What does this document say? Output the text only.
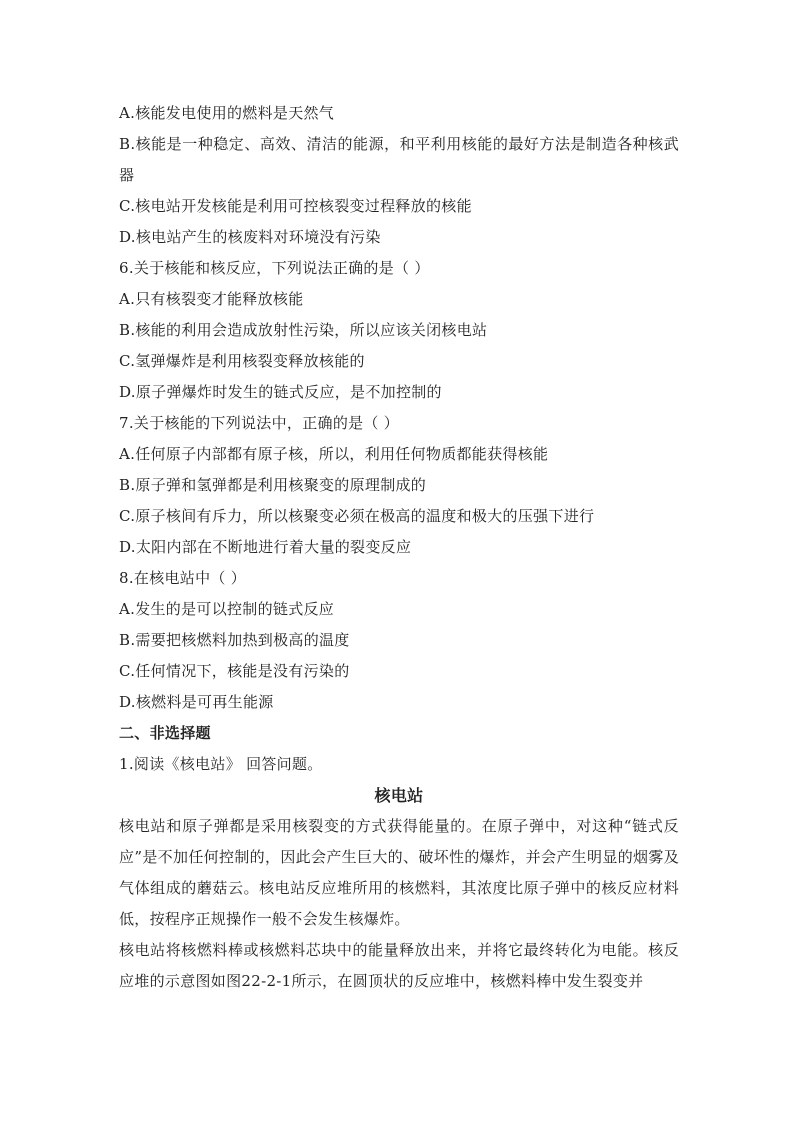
A.核能发电使用的燃料是天然气
B.核能是一种稳定、高效、清洁的能源，和平利用核能的最好方法是制造各种核武器
C.核电站开发核能是利用可控核裂变过程释放的核能
D.核电站产生的核废料对环境没有污染
6.关于核能和核反应，下列说法正确的是（ ）
A.只有核裂变才能释放核能
B.核能的利用会造成放射性污染，所以应该关闭核电站
C.氢弹爆炸是利用核裂变释放核能的
D.原子弹爆炸时发生的链式反应，是不加控制的
7.关于核能的下列说法中，正确的是（ ）
A.任何原子内部都有原子核，所以，利用任何物质都能获得核能
B.原子弹和氢弹都是利用核聚变的原理制成的
C.原子核间有斥力，所以核聚变必须在极高的温度和极大的压强下进行
D.太阳内部在不断地进行着大量的裂变反应
8.在核电站中（ ）
A.发生的是可以控制的链式反应
B.需要把核燃料加热到极高的温度
C.任何情况下，核能是没有污染的
D.核燃料是可再生能源
二、非选择题
1.阅读《核电站》 回答问题。
核电站
核电站和原子弹都是采用核裂变的方式获得能量的。在原子弹中，对这种“链式反应”是不加任何控制的，因此会产生巨大的、破坏性的爆炸，并会产生明显的烟雾及气体组成的蘑菇云。核电站反应堆所用的核燃料，其浓度比原子弹中的核反应材料低，按程序正规操作一般不会发生核爆炸。
核电站将核燃料棒或核燃料芯块中的能量释放出来，并将它最终转化为电能。核反应堆的示意图如图22-2-1所示，在圆顶状的反应堆中，核燃料棒中发生裂变并
